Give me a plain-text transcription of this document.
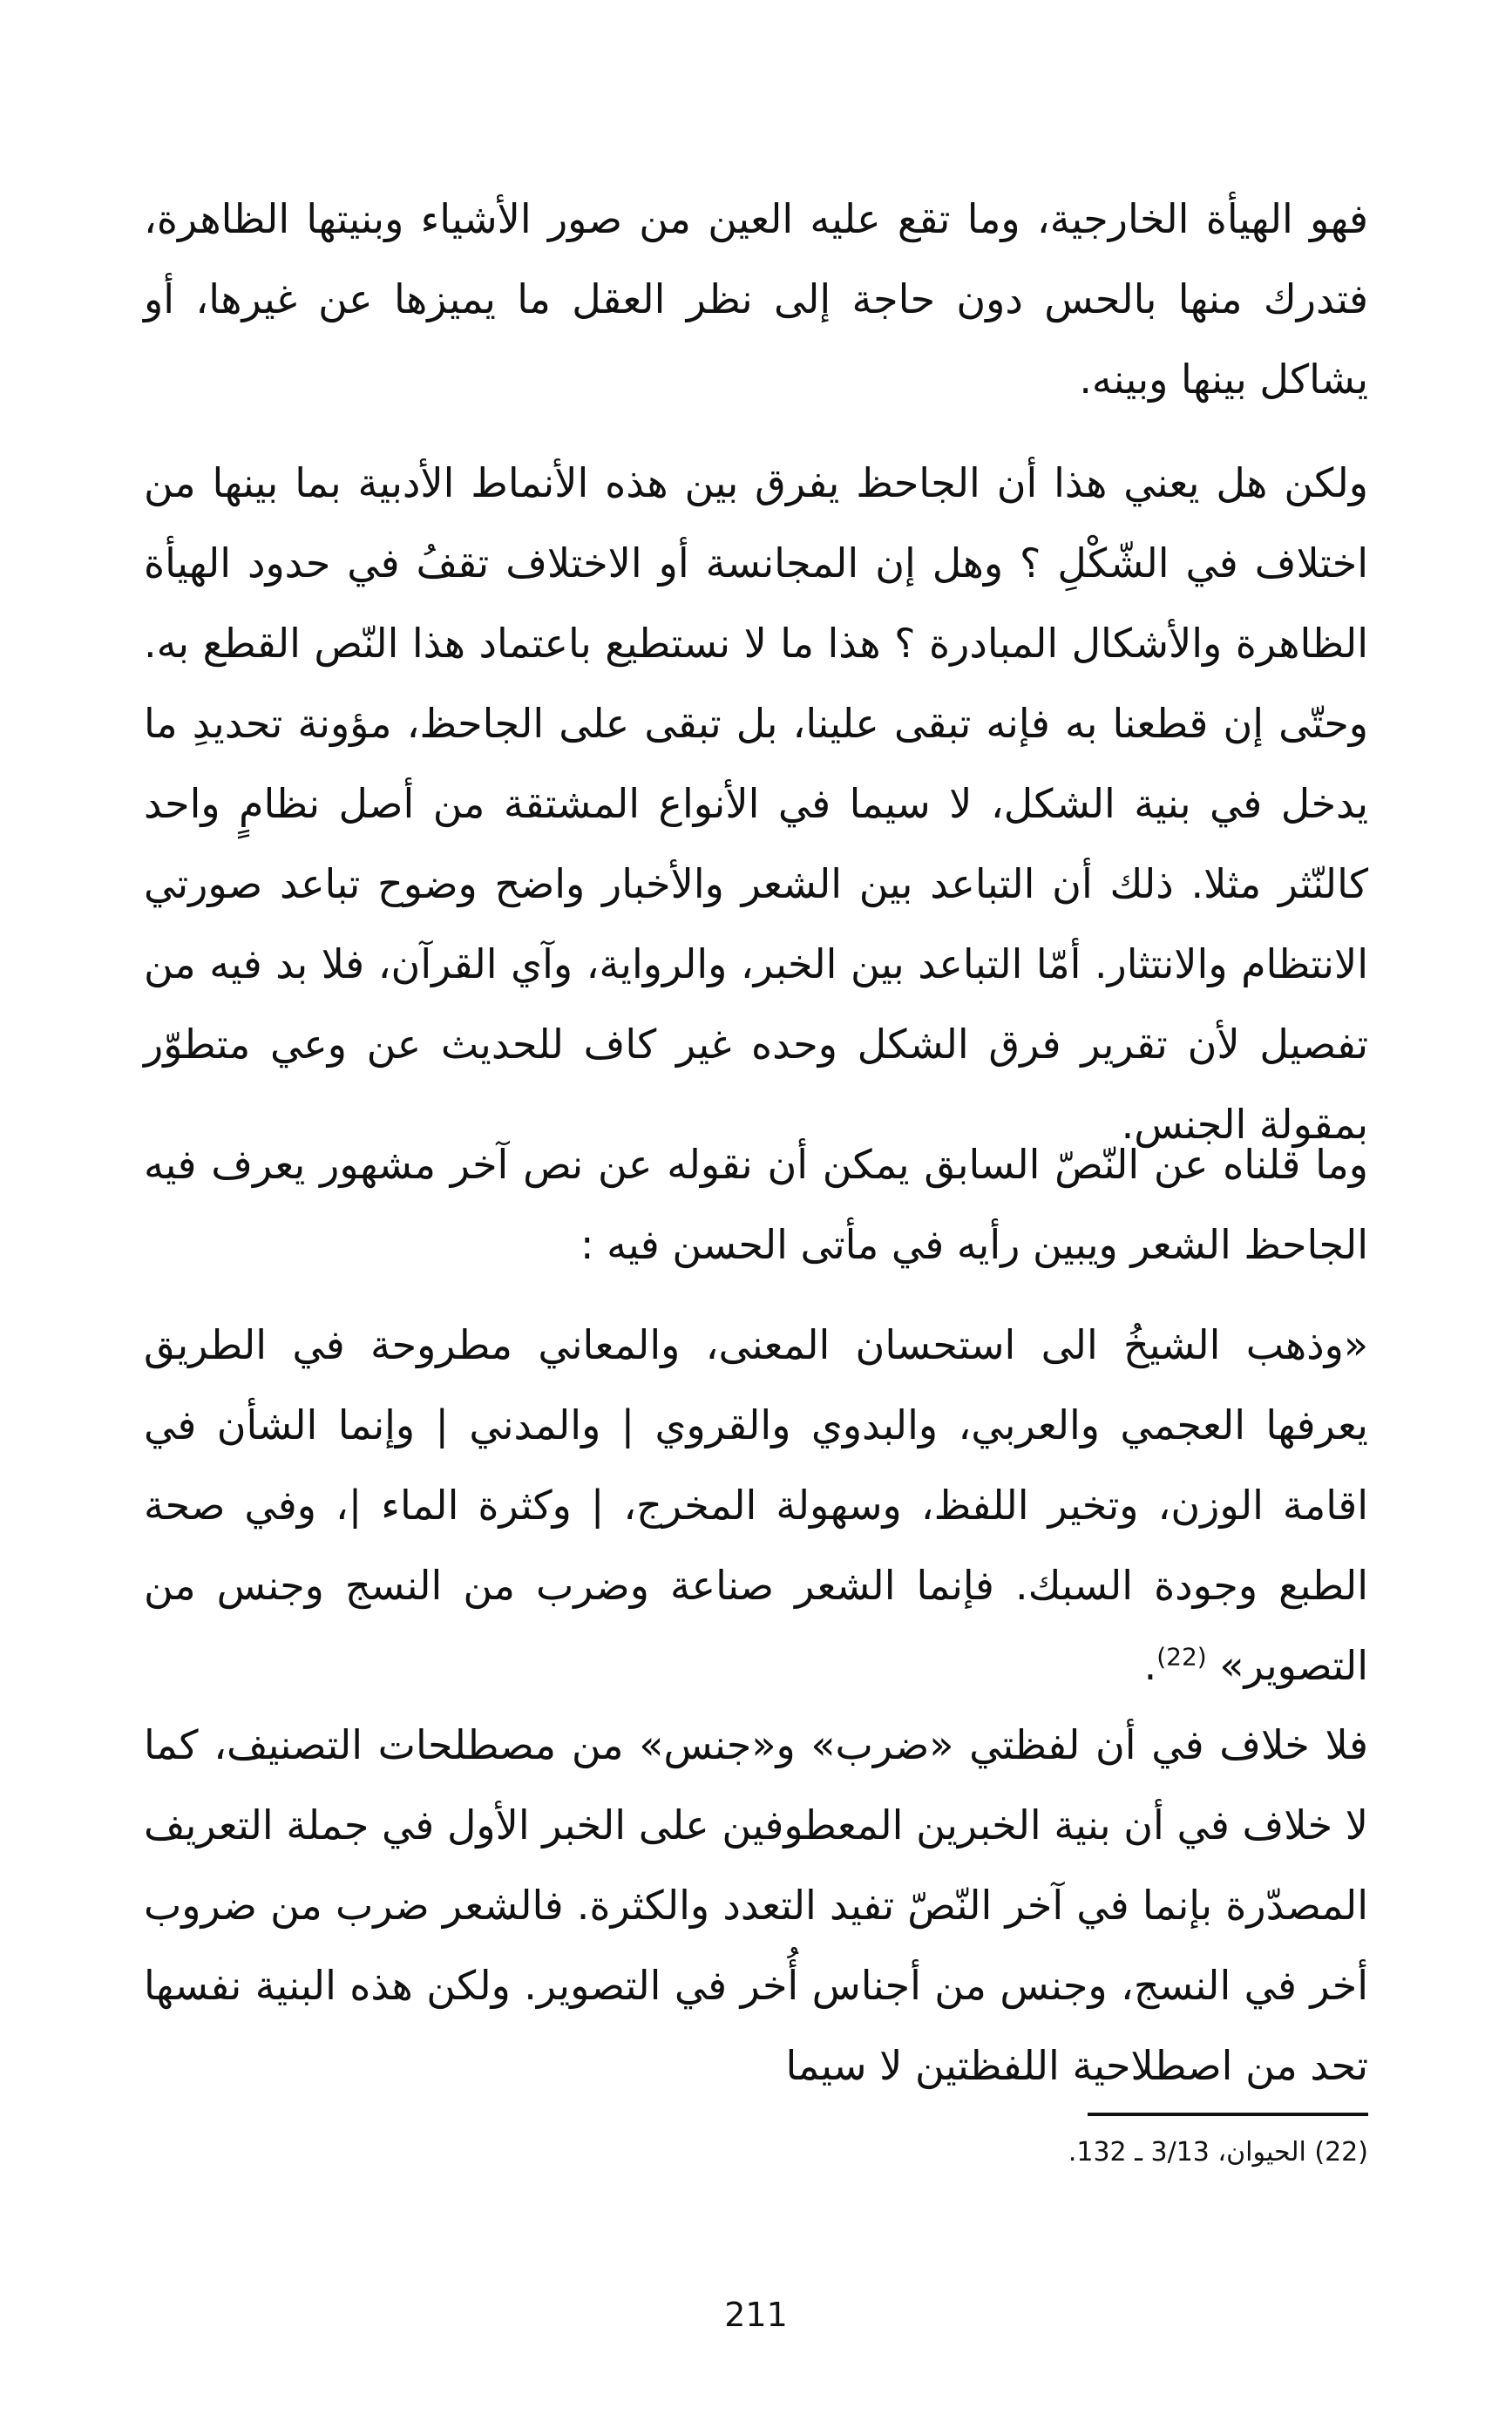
فهو الهيأة الخارجية، وما تقع عليه العين من صور الأشياء وبنيتها الظاهرة، فتدرك منها بالحس دون حاجة إلى نظر العقل ما يميزها عن غيرها، أو يشاكل بينها وبينه.

ولكن هل يعني هذا أن الجاحظ يفرق بين هذه الأنماط الأدبية بما بينها من اختلاف في الشّكْلِ ؟ وهل إن المجانسة أو الاختلاف تقفُ في حدود الهيأة الظاهرة والأشكال المبادرة ؟ هذا ما لا نستطيع باعتماد هذا النّص القطع به. وحتّى إن قطعنا به فإنه تبقى علينا، بل تبقى على الجاحظ، مؤونة تحديدِ ما يدخل في بنية الشكل، لا سيما في الأنواع المشتقة من أصل نظامٍ واحد كالنّثر مثلا. ذلك أن التباعد بين الشعر والأخبار واضح وضوح تباعد صورتي الانتظام والانتثار. أمّا التباعد بين الخبر، والرواية، وآي القرآن، فلا بد فيه من تفصيل لأن تقرير فرق الشكل وحده غير كاف للحديث عن وعي متطوّر بمقولة الجنس.

وما قلناه عن النّصّ السابق يمكن أن نقوله عن نص آخر مشهور يعرف فيه الجاحظ الشعر ويبين رأيه في مأتى الحسن فيه :

«وذهب الشيخُ الى استحسان المعنى، والمعاني مطروحة في الطريق يعرفها العجمي والعربي، والبدوي والقروي | والمدني | وإنما الشأن في اقامة الوزن، وتخير اللفظ، وسهولة المخرج، | وكثرة الماء |، وفي صحة الطبع وجودة السبك. فإنما الشعر صناعة وضرب من النسج وجنس من التصوير» $^{(22)}$.

فلا خلاف في أن لفظتي «ضرب» و«جنس» من مصطلحات التصنيف، كما لا خلاف في أن بنية الخبرين المعطوفين على الخبر الأول في جملة التعريف المصدّرة بإنما في آخر النّصّ تفيد التعدد والكثرة. فالشعر ضرب من ضروب أخر في النسج، وجنس من أجناس أُخر في التصوير. ولكن هذه البنية نفسها تحد من اصطلاحية اللفظتين لا سيما

(22) الحيوان، 3/13 ـ 132.

211
